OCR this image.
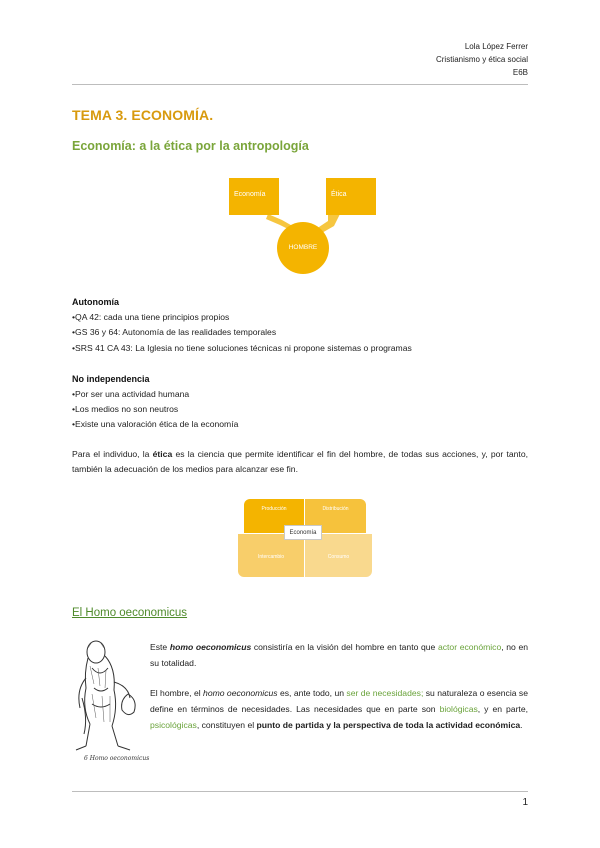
Lola López Ferrer
Cristianismo y ética social
E6B
TEMA 3. ECONOMÍA.
Economía: a la ética por la antropología
Economía	Ética
HOMBRE
Autonomía
•QA 42: cada una tiene principios propios
•GS 36 y 64: Autonomía de las realidades temporales
•SRS 41 CA 43: La Iglesia no tiene soluciones técnicas ni propone sistemas o programas
No independencia
•Por ser una actividad humana
•Los medios no son neutros
•Existe una valoración ética de la economía
Para el individuo, la ética es la ciencia que permite identificar el fin del hombre, de todas sus acciones, y, por tanto, también la adecuación de los medios para alcanzar ese fin.
Producción	Distribución
Intercambio	Consumo
Economía
El Homo oeconomicus
6 Homo oeconomicus
Este homo oeconomicus consistiría en la visión del hombre en tanto que actor económico, no en su totalidad.
El hombre, el homo oeconomicus es, ante todo, un ser de necesidades; su naturaleza o esencia se define en términos de necesidades. Las necesidades que en parte son biológicas, y en parte, psicológicas, constituyen el punto de partida y la perspectiva de toda la actividad económica.
1
